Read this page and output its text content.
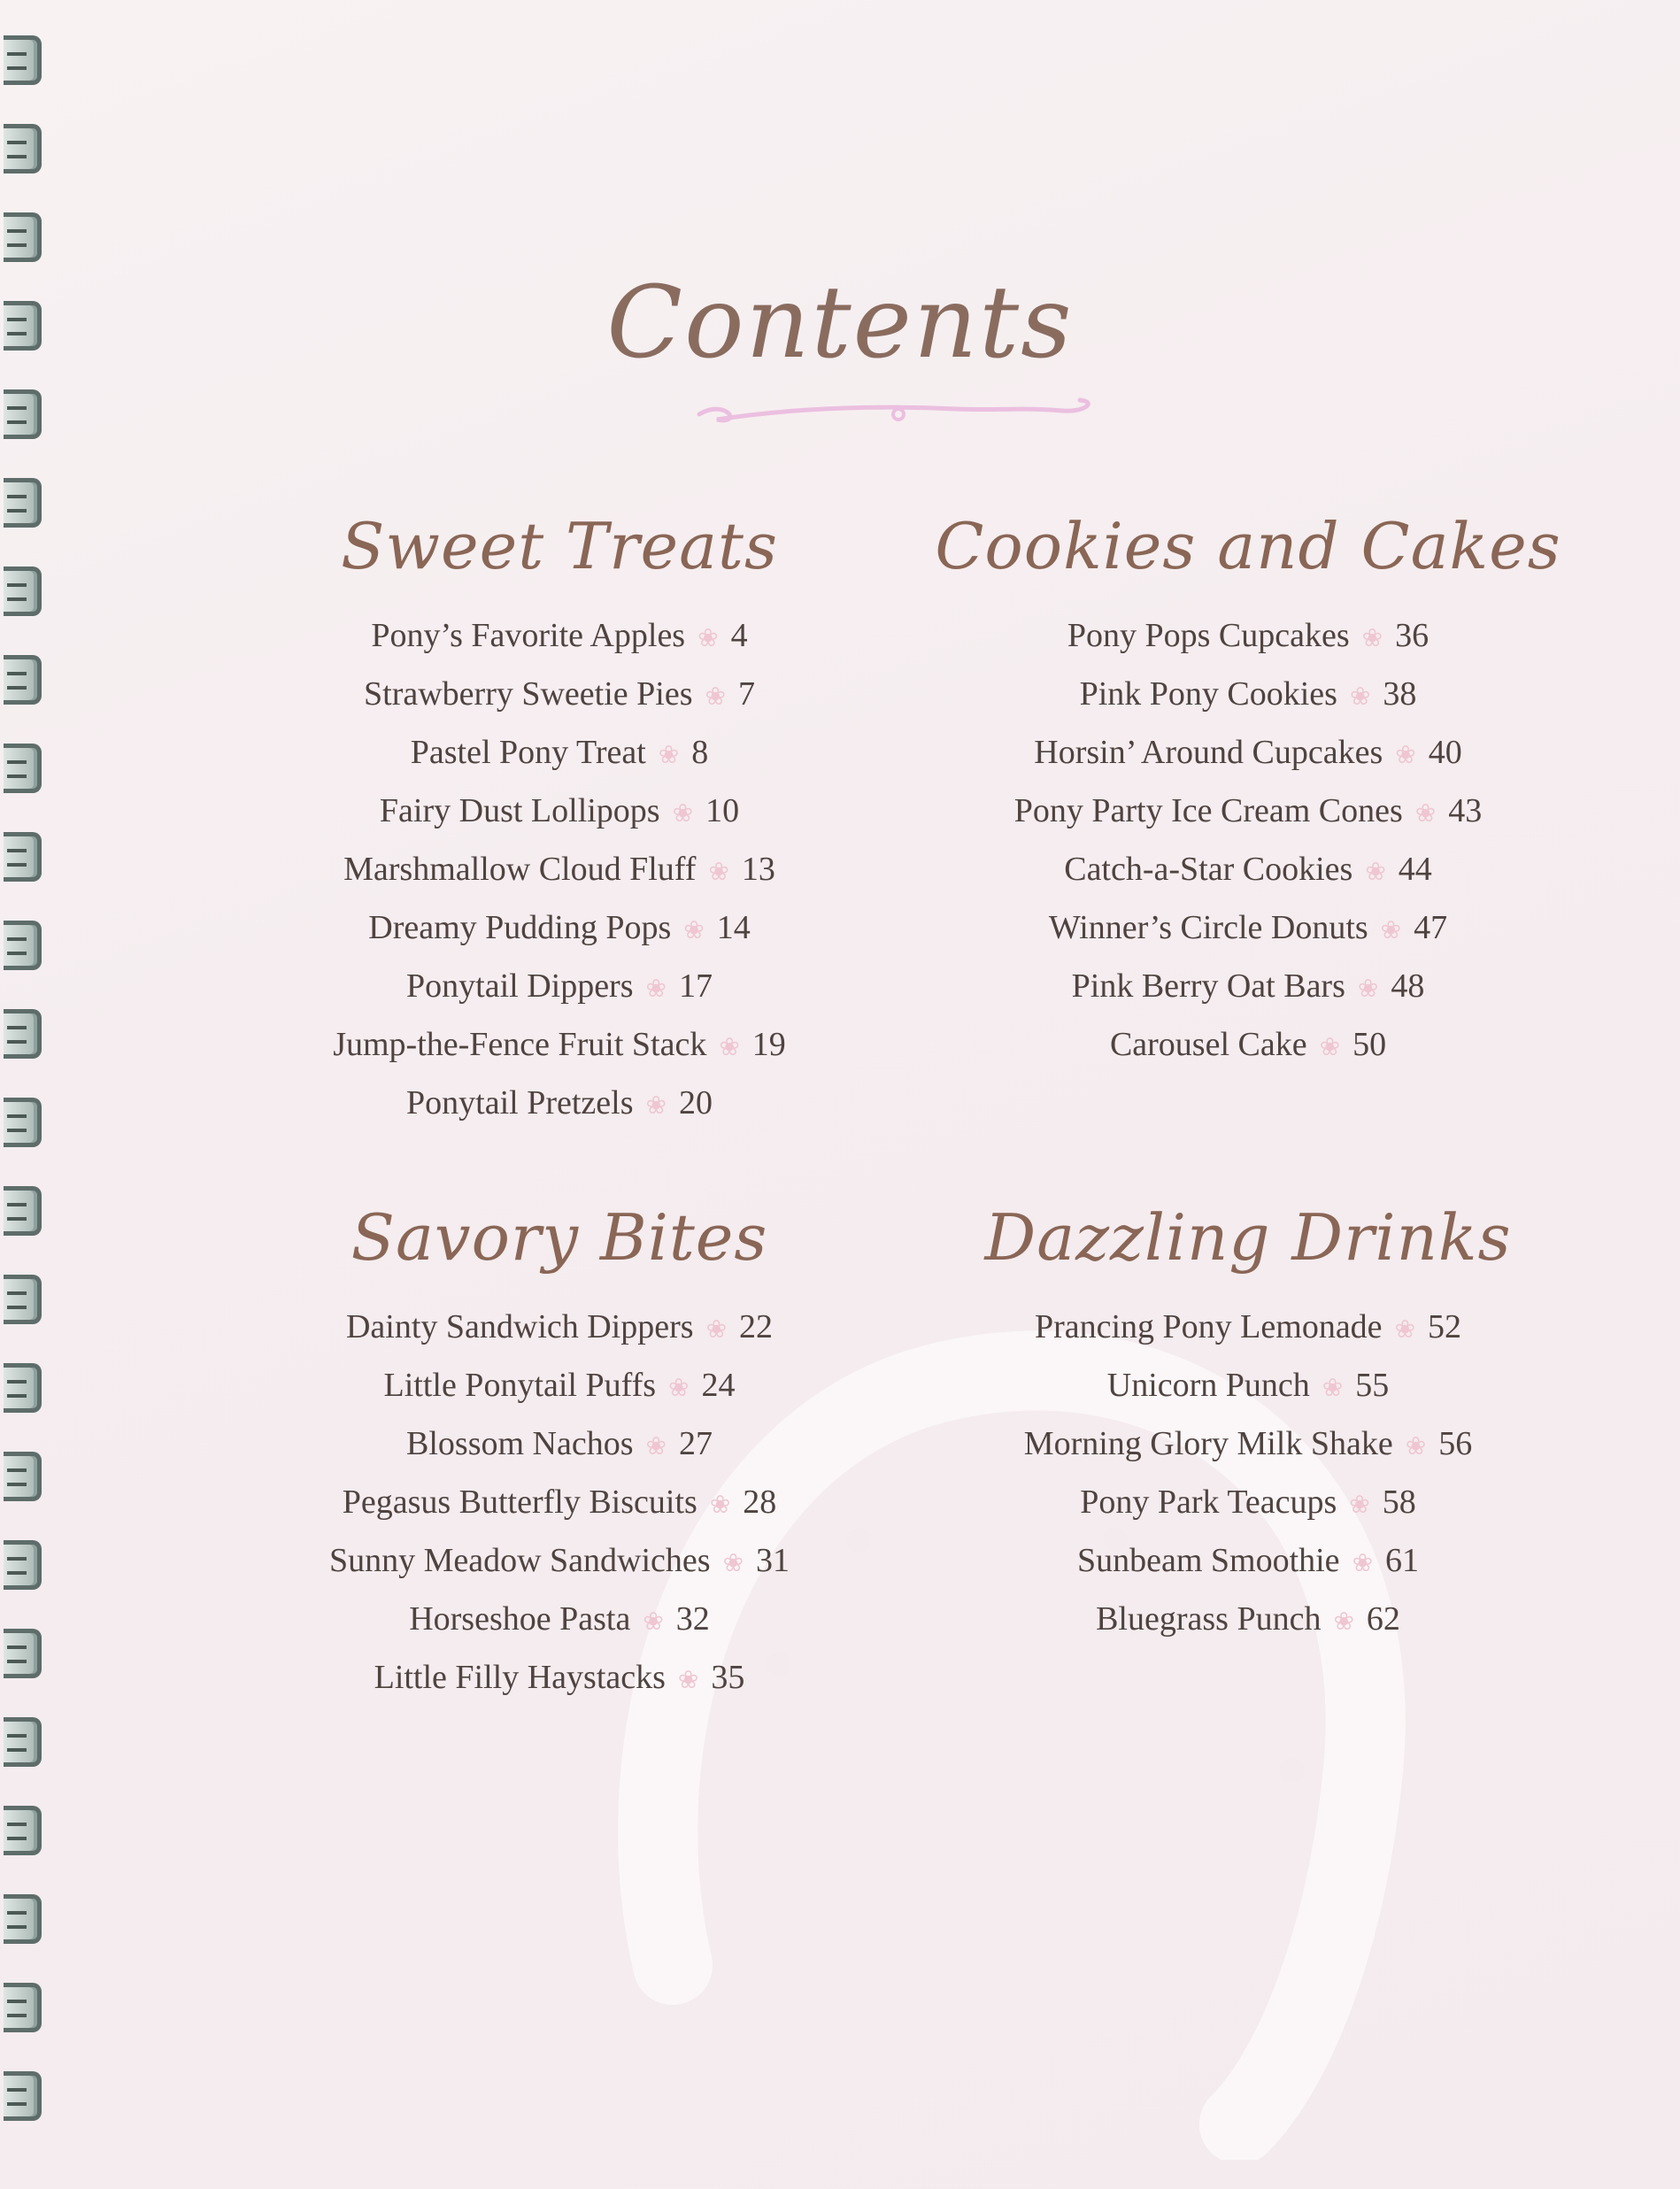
Contents
Sweet Treats
Pony’s Favorite Apples ❀ 4
Strawberry Sweetie Pies ❀ 7
Pastel Pony Treat ❀ 8
Fairy Dust Lollipops ❀ 10
Marshmallow Cloud Fluff ❀ 13
Dreamy Pudding Pops ❀ 14
Ponytail Dippers ❀ 17
Jump-the-Fence Fruit Stack ❀ 19
Ponytail Pretzels ❀ 20
Cookies and Cakes
Pony Pops Cupcakes ❀ 36
Pink Pony Cookies ❀ 38
Horsin’ Around Cupcakes ❀ 40
Pony Party Ice Cream Cones ❀ 43
Catch-a-Star Cookies ❀ 44
Winner’s Circle Donuts ❀ 47
Pink Berry Oat Bars ❀ 48
Carousel Cake ❀ 50
Savory Bites
Dainty Sandwich Dippers ❀ 22
Little Ponytail Puffs ❀ 24
Blossom Nachos ❀ 27
Pegasus Butterfly Biscuits ❀ 28
Sunny Meadow Sandwiches ❀ 31
Horseshoe Pasta ❀ 32
Little Filly Haystacks ❀ 35
Dazzling Drinks
Prancing Pony Lemonade ❀ 52
Unicorn Punch ❀ 55
Morning Glory Milk Shake ❀ 56
Pony Park Teacups ❀ 58
Sunbeam Smoothie ❀ 61
Bluegrass Punch ❀ 62
